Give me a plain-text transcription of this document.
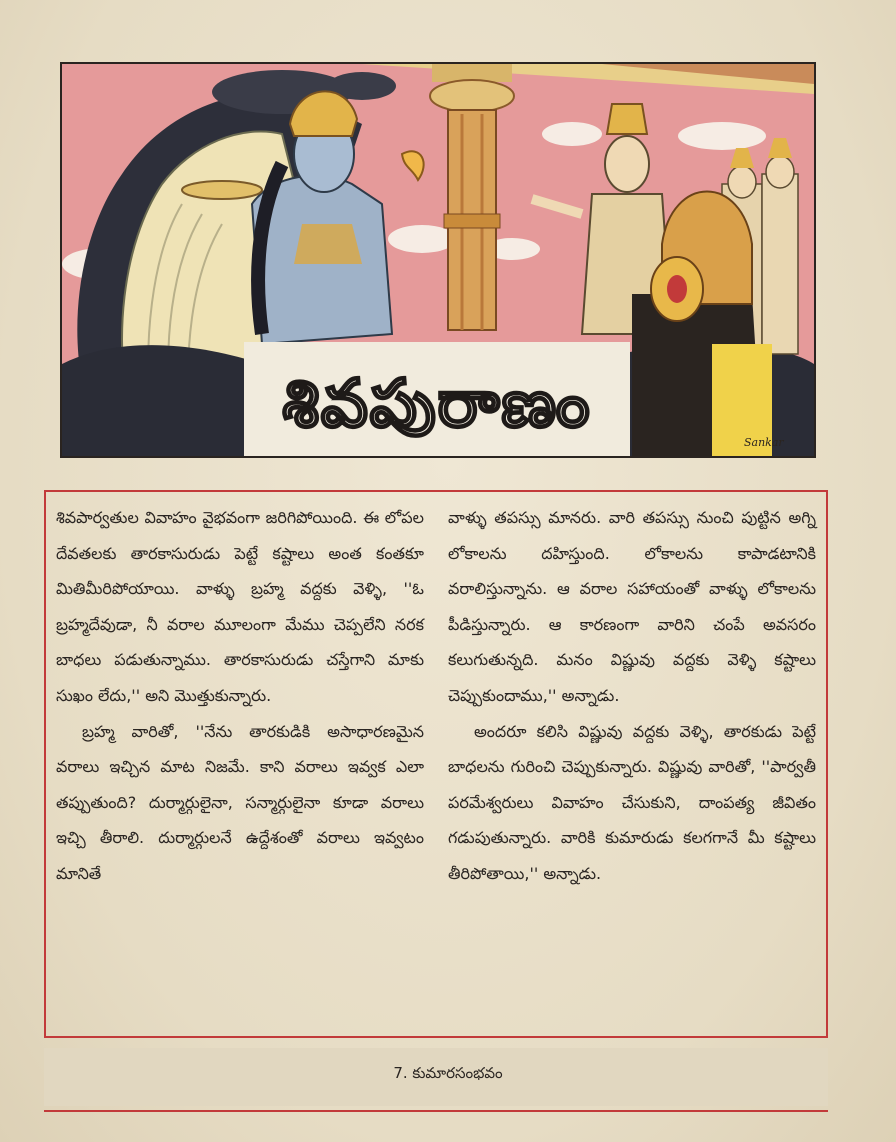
Sankar
శివపురాణం

శివపార్వతుల వివాహం వైభవంగా జరిగిపోయింది. ఈ లోపల దేవతలకు తారకాసురుడు పెట్టే కష్టాలు అంత కంతకూ మితిమీరిపోయాయి. వాళ్ళు బ్రహ్మ వద్దకు వెళ్ళి, ''ఓ బ్రహ్మదేవుడా, నీ వరాల మూలంగా మేము చెప్పలేని నరక బాధలు పడుతున్నాము. తారకాసురుడు చస్తేగాని మాకు సుఖం లేదు,'' అని మొత్తుకున్నారు.

బ్రహ్మ వారితో, ''నేను తారకుడికి అసాధారణమైన వరాలు ఇచ్చిన మాట నిజమే. కాని వరాలు ఇవ్వక ఎలా తప్పుతుంది? దుర్మార్గులైనా, సన్మార్గులైనా కూడా వరాలు ఇచ్చి తీరాలి. దుర్మార్గులనే ఉద్దేశంతో వరాలు ఇవ్వటం మానితే

వాళ్ళు తపస్సు మానరు. వారి తపస్సు నుంచి పుట్టిన అగ్ని లోకాలను దహిస్తుంది. లోకాలను కాపాడటానికి వరాలిస్తున్నాను. ఆ వరాల సహాయంతో వాళ్ళు లోకాలను పీడిస్తున్నారు. ఆ కారణంగా వారిని చంపే అవసరం కలుగుతున్నది. మనం విష్ణువు వద్దకు వెళ్ళి కష్టాలు చెప్పుకుందాము,'' అన్నాడు.

అందరూ కలిసి విష్ణువు వద్దకు వెళ్ళి, తారకుడు పెట్టే బాధలను గురించి చెప్పుకున్నారు. విష్ణువు వారితో, ''పార్వతీ పరమేశ్వరులు వివాహం చేసుకుని, దాంపత్య జీవితం గడుపుతున్నారు. వారికి కుమారుడు కలగగానే మీ కష్టాలు తీరిపోతాయి,'' అన్నాడు.

7. కుమారసంభవం
